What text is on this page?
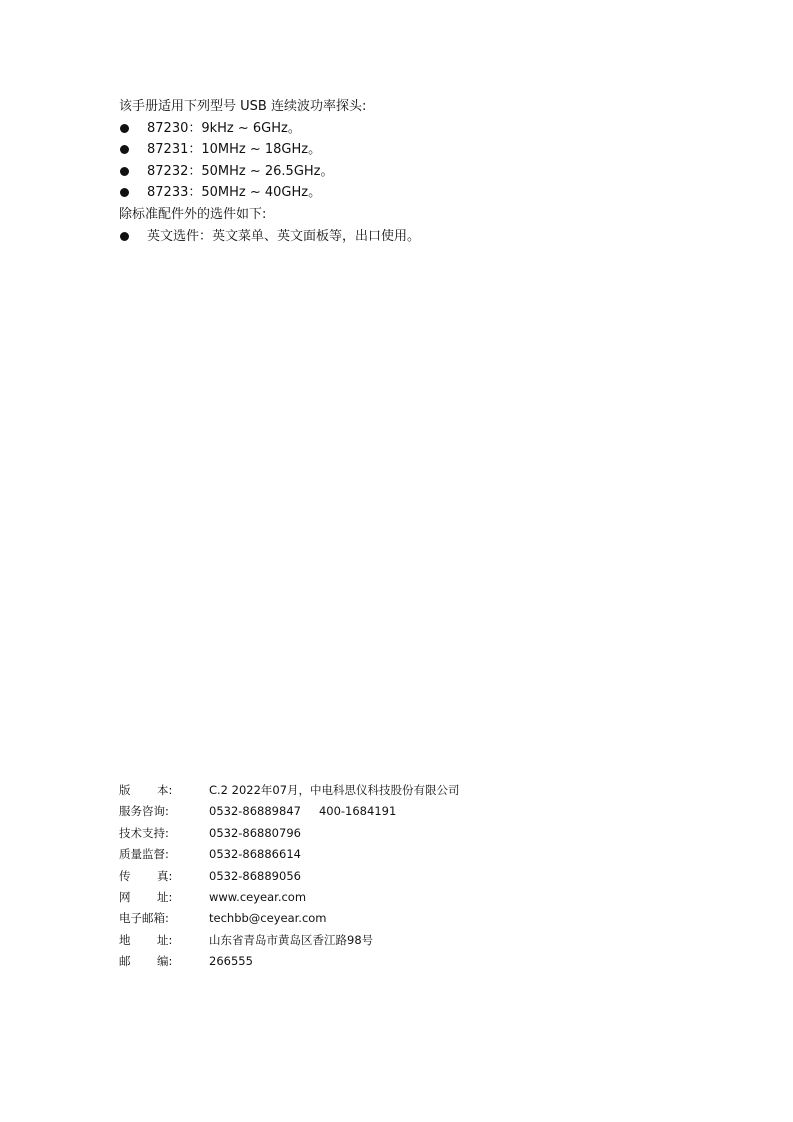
该手册适用下列型号 USB 连续波功率探头:
87230：9kHz ~ 6GHz。
87231：10MHz ~ 18GHz。
87232：50MHz ~ 26.5GHz。
87233：50MHz ~ 40GHz。
除标准配件外的选件如下:
英文选件：英文菜单、英文面板等，出口使用。
版 本:	C.2 2022年07月，中电科思仪科技股份有限公司
服务咨询:	0532-86889847 400-1684191
技术支持:	0532-86880796
质量监督:	0532-86886614
传 真:	0532-86889056
网 址:	www.ceyear.com
电子邮箱:	techbb@ceyear.com
地 址:	山东省青岛市黄岛区香江路98号
邮 编:	266555
